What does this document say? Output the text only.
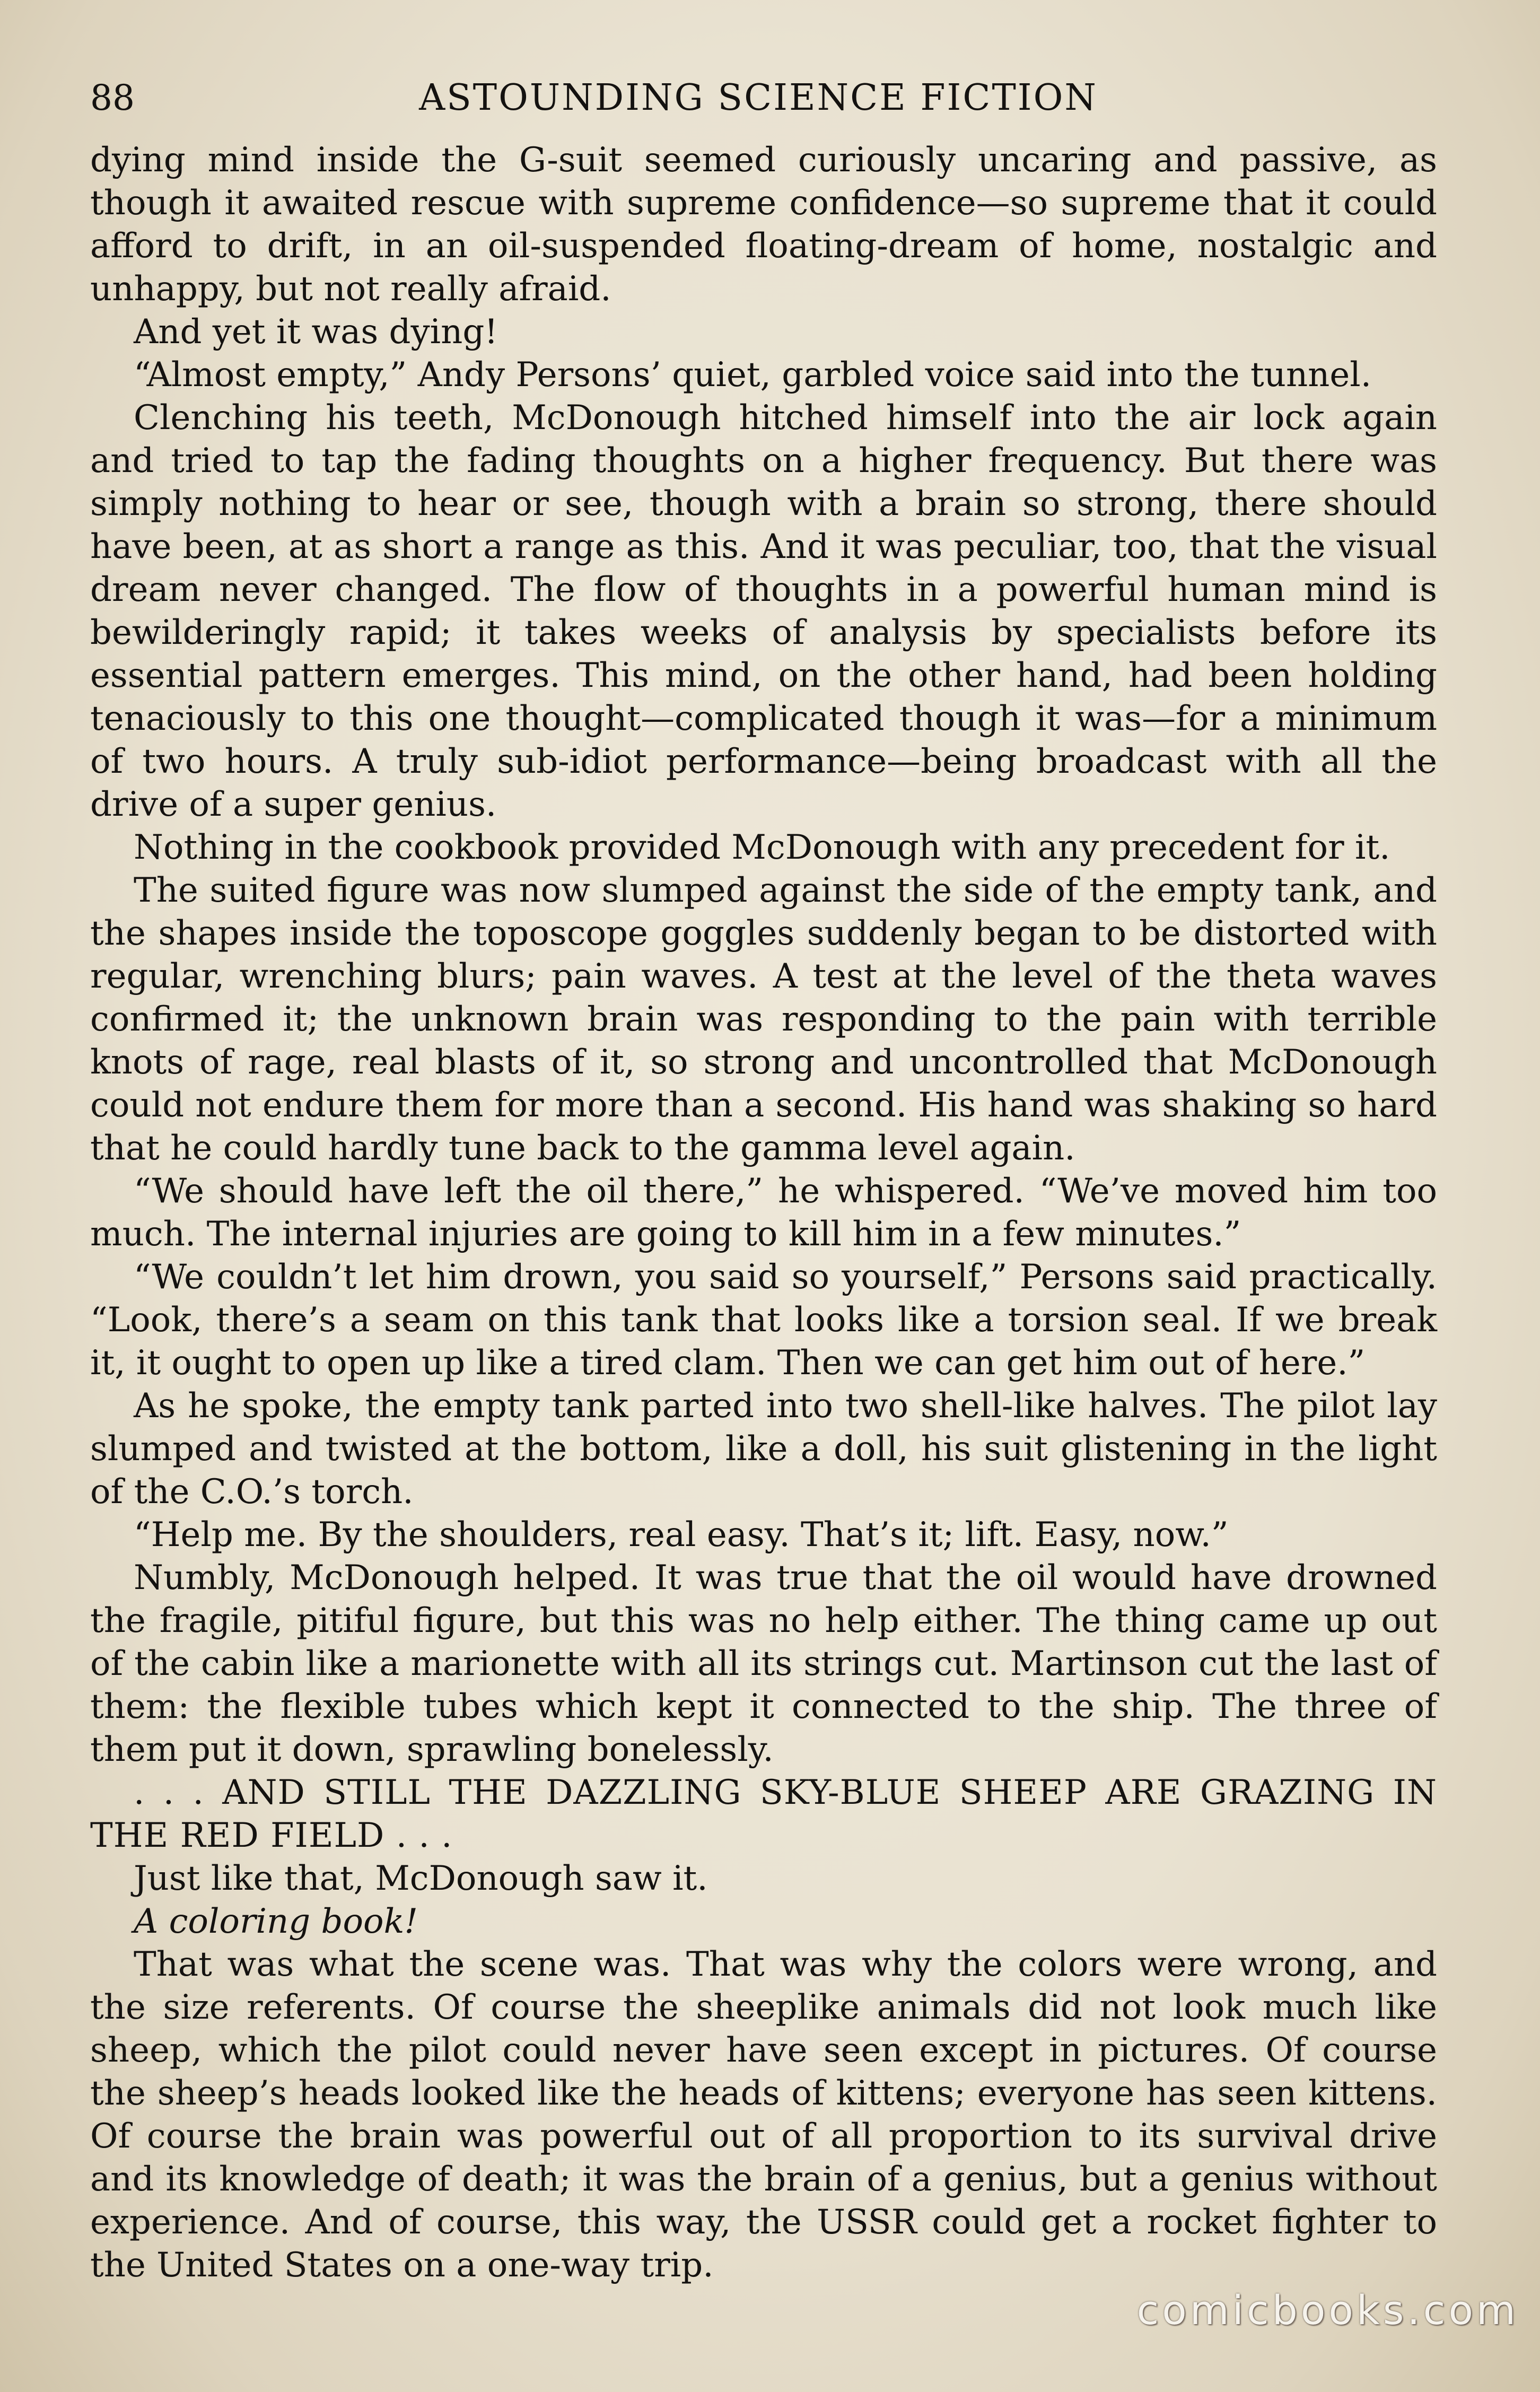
88	ASTOUNDING SCIENCE FICTION

dying mind inside the G-suit seemed curiously uncaring and passive, as though it awaited rescue with supreme confidence—so supreme that it could afford to drift, in an oil-suspended floating-dream of home, nostalgic and unhappy, but not really afraid.

And yet it was dying!

“Almost empty,” Andy Persons’ quiet, garbled voice said into the tunnel.

Clenching his teeth, McDonough hitched himself into the air lock again and tried to tap the fading thoughts on a higher frequency. But there was simply nothing to hear or see, though with a brain so strong, there should have been, at as short a range as this. And it was peculiar, too, that the visual dream never changed. The flow of thoughts in a powerful human mind is bewilderingly rapid; it takes weeks of analysis by specialists before its essential pattern emerges. This mind, on the other hand, had been holding tenaciously to this one thought—complicated though it was—for a minimum of two hours. A truly sub-idiot performance—being broadcast with all the drive of a super genius.

Nothing in the cookbook provided McDonough with any precedent for it.

The suited figure was now slumped against the side of the empty tank, and the shapes inside the toposcope goggles suddenly began to be distorted with regular, wrenching blurs; pain waves. A test at the level of the theta waves confirmed it; the unknown brain was responding to the pain with terrible knots of rage, real blasts of it, so strong and uncontrolled that McDonough could not endure them for more than a second. His hand was shaking so hard that he could hardly tune back to the gamma level again.

“We should have left the oil there,” he whispered. “We’ve moved him too much. The internal injuries are going to kill him in a few minutes.”

“We couldn’t let him drown, you said so yourself,” Persons said practically. “Look, there’s a seam on this tank that looks like a torsion seal. If we break it, it ought to open up like a tired clam. Then we can get him out of here.”

As he spoke, the empty tank parted into two shell-like halves. The pilot lay slumped and twisted at the bottom, like a doll, his suit glistening in the light of the C.O.’s torch.

“Help me. By the shoulders, real easy. That’s it; lift. Easy, now.”

Numbly, McDonough helped. It was true that the oil would have drowned the fragile, pitiful figure, but this was no help either. The thing came up out of the cabin like a marionette with all its strings cut. Martinson cut the last of them: the flexible tubes which kept it connected to the ship. The three of them put it down, sprawling bonelessly.

. . . AND STILL THE DAZZLING SKY-BLUE SHEEP ARE GRAZING IN THE RED FIELD . . .

Just like that, McDonough saw it.

A coloring book!

That was what the scene was. That was why the colors were wrong, and the size referents. Of course the sheeplike animals did not look much like sheep, which the pilot could never have seen except in pictures. Of course the sheep’s heads looked like the heads of kittens; everyone has seen kittens. Of course the brain was powerful out of all proportion to its survival drive and its knowledge of death; it was the brain of a genius, but a genius without experience. And of course, this way, the USSR could get a rocket fighter to the United States on a one-way trip.

comicbooks.com
